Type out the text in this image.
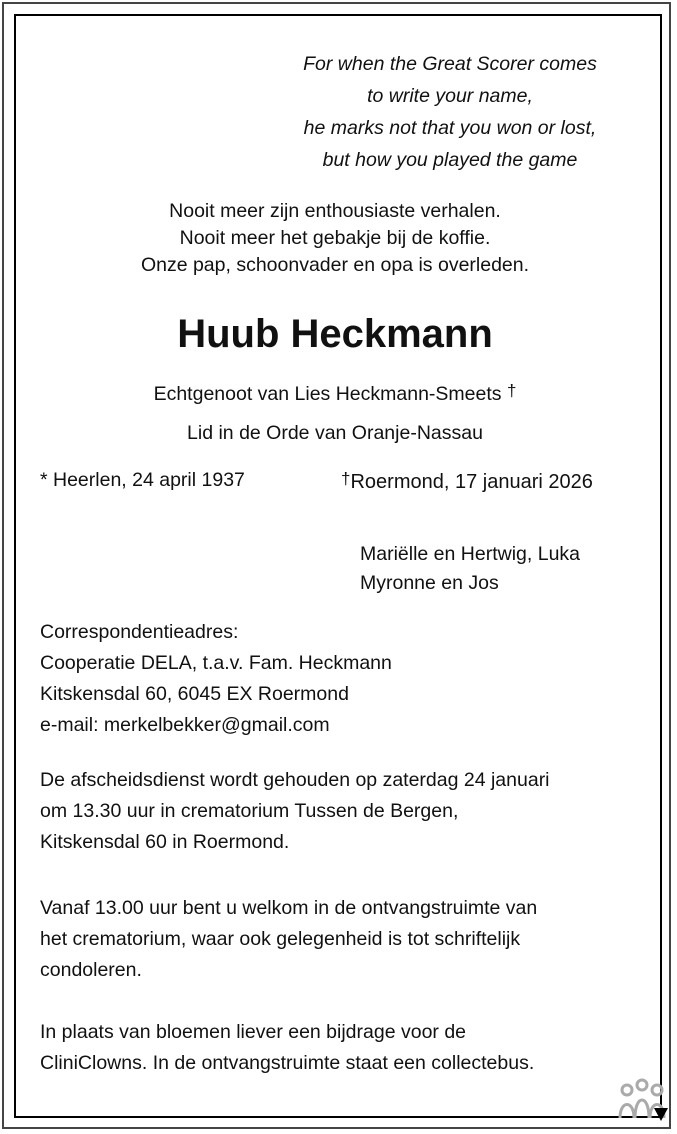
For when the Great Scorer comes
to write your name,
he marks not that you won or lost,
but how you played the game
Nooit meer zijn enthousiaste verhalen.
Nooit meer het gebakje bij de koffie.
Onze pap, schoonvader en opa is overleden.
Huub Heckmann
Echtgenoot van Lies Heckmann-Smeets †
Lid in de Orde van Oranje-Nassau
* Heerlen, 24 april 1937	†Roermond, 17 januari 2026
Mariëlle en Hertwig, Luka
Myronne en Jos
Correspondentieadres:
Cooperatie DELA, t.a.v. Fam. Heckmann
Kitskensdal 60, 6045 EX Roermond
e-mail: merkelbekker@gmail.com
De afscheidsdienst wordt gehouden op zaterdag 24 januari
om 13.30 uur in crematorium Tussen de Bergen,
Kitskensdal 60 in Roermond.
Vanaf 13.00 uur bent u welkom in de ontvangstruimte van
het crematorium, waar ook gelegenheid is tot schriftelijk
condoleren.
In plaats van bloemen liever een bijdrage voor de
CliniClowns. In de ontvangstruimte staat een collectebus.
